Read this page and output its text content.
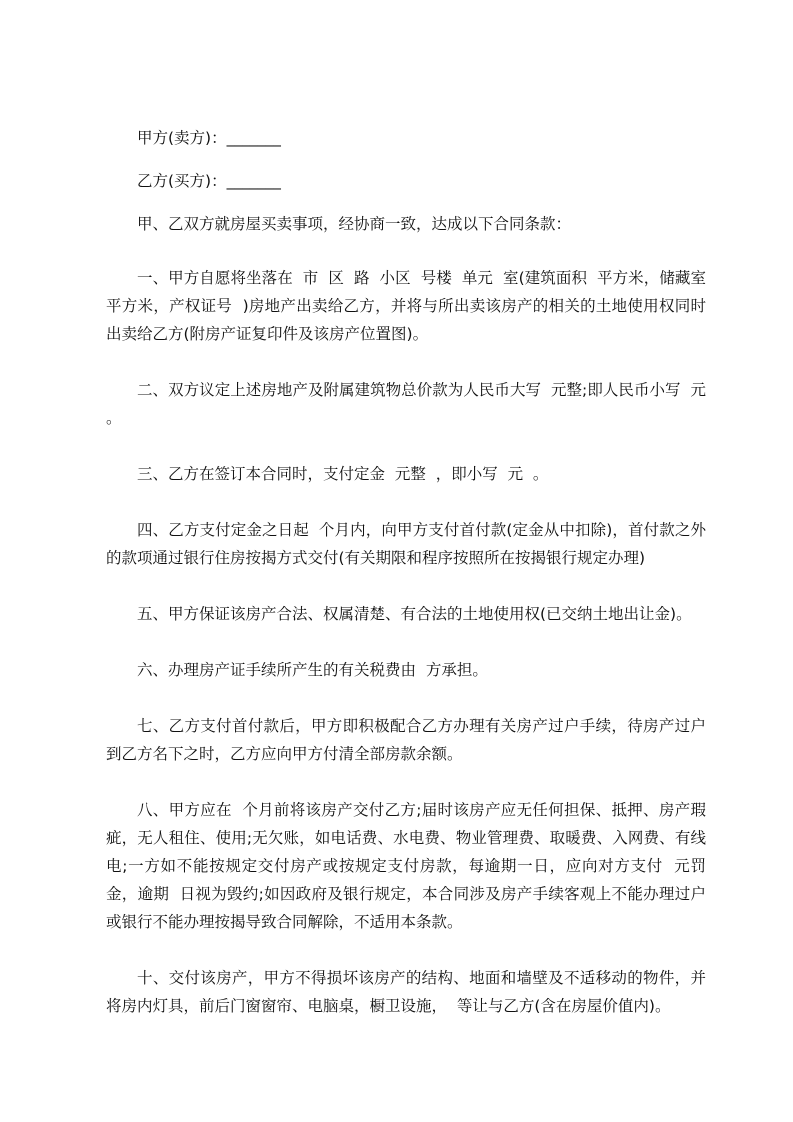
甲方(卖方)：_______

乙方(买方)：_______

甲、乙双方就房屋买卖事项，经协商一致，达成以下合同条款：

一、甲方自愿将坐落在  市  区  路  小区  号楼  单元  室(建筑面积  平方米，储藏室  平方米，产权证号  )房地产出卖给乙方，并将与所出卖该房产的相关的土地使用权同时出卖给乙方(附房产证复印件及该房产位置图)。

二、双方议定上述房地产及附属建筑物总价款为人民币大写  元整;即人民币小写  元  。

三、乙方在签订本合同时，支付定金  元整  ，即小写  元  。

四、乙方支付定金之日起  个月内，向甲方支付首付款(定金从中扣除)，首付款之外的款项通过银行住房按揭方式交付(有关期限和程序按照所在按揭银行规定办理)

五、甲方保证该房产合法、权属清楚、有合法的土地使用权(已交纳土地出让金)。

六、办理房产证手续所产生的有关税费由  方承担。

七、乙方支付首付款后，甲方即积极配合乙方办理有关房产过户手续，待房产过户到乙方名下之时，乙方应向甲方付清全部房款余额。

八、甲方应在  个月前将该房产交付乙方;届时该房产应无任何担保、抵押、房产瑕疵，无人租住、使用;无欠账，如电话费、水电费、物业管理费、取暖费、入网费、有线电;一方如不能按规定交付房产或按规定支付房款，每逾期一日，应向对方支付  元罚金，逾期  日视为毁约;如因政府及银行规定，本合同涉及房产手续客观上不能办理过户或银行不能办理按揭导致合同解除，不适用本条款。

十、交付该房产，甲方不得损坏该房产的结构、地面和墙壁及不适移动的物件，并将房内灯具，前后门窗窗帘、电脑桌，橱卫设施，  等让与乙方(含在房屋价值内)。
